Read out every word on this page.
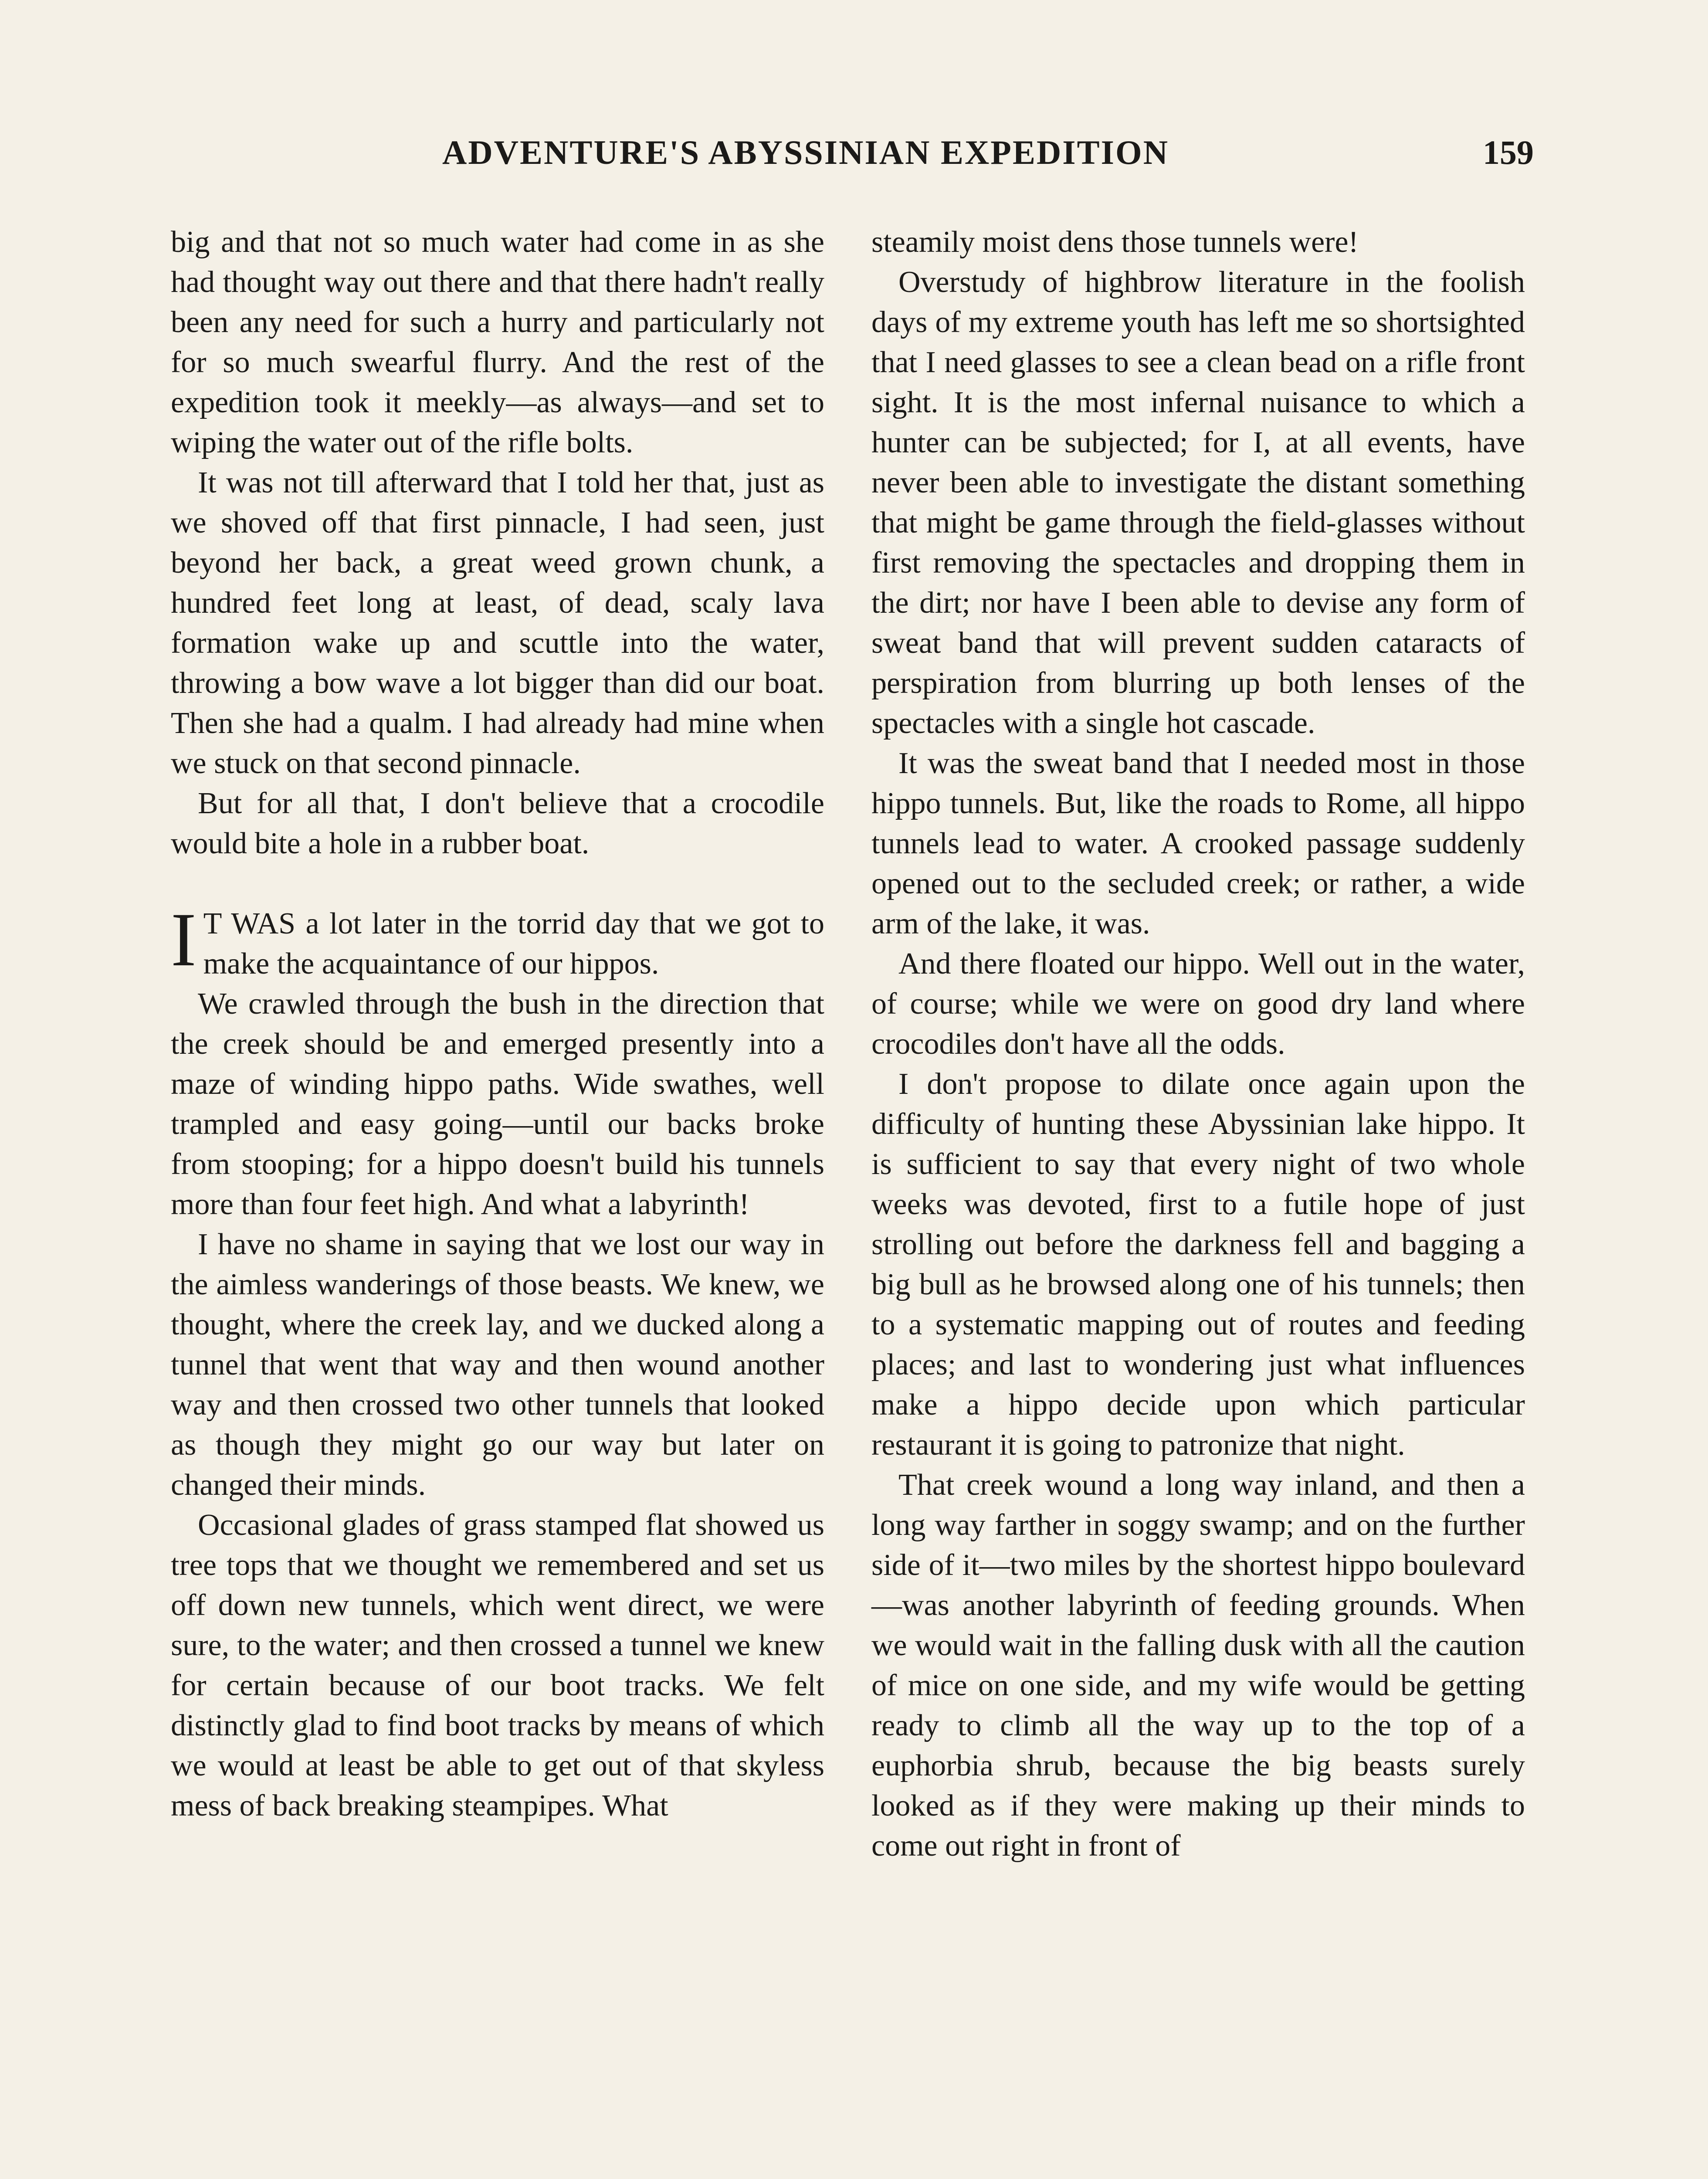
ADVENTURE'S ABYSSINIAN EXPEDITION	159

big and that not so much water had come in as she had thought way out there and that there hadn't really been any need for such a hurry and particularly not for so much swearful flurry. And the rest of the expedition took it meekly—as always—and set to wiping the water out of the rifle bolts.

It was not till afterward that I told her that, just as we shoved off that first pinnacle, I had seen, just beyond her back, a great weed grown chunk, a hundred feet long at least, of dead, scaly lava formation wake up and scuttle into the water, throwing a bow wave a lot bigger than did our boat. Then she had a qualm. I had already had mine when we stuck on that second pinnacle.

But for all that, I don't believe that a crocodile would bite a hole in a rubber boat.

I T WAS a lot later in the torrid day that we got to make the acquaintance of our hippos.

We crawled through the bush in the direction that the creek should be and emerged presently into a maze of winding hippo paths. Wide swathes, well trampled and easy going—until our backs broke from stooping; for a hippo doesn't build his tunnels more than four feet high. And what a labyrinth!

I have no shame in saying that we lost our way in the aimless wanderings of those beasts. We knew, we thought, where the creek lay, and we ducked along a tunnel that went that way and then wound another way and then crossed two other tunnels that looked as though they might go our way but later on changed their minds.

Occasional glades of grass stamped flat showed us tree tops that we thought we remembered and set us off down new tunnels, which went direct, we were sure, to the water; and then crossed a tunnel we knew for certain because of our boot tracks. We felt distinctly glad to find boot tracks by means of which we would at least be able to get out of that skyless mess of back breaking steampipes. What

steamily moist dens those tunnels were!

Overstudy of highbrow literature in the foolish days of my extreme youth has left me so shortsighted that I need glasses to see a clean bead on a rifle front sight. It is the most infernal nuisance to which a hunter can be subjected; for I, at all events, have never been able to investigate the distant something that might be game through the field-glasses without first removing the spectacles and dropping them in the dirt; nor have I been able to devise any form of sweat band that will prevent sudden cataracts of perspiration from blurring up both lenses of the spectacles with a single hot cascade.

It was the sweat band that I needed most in those hippo tunnels. But, like the roads to Rome, all hippo tunnels lead to water. A crooked passage suddenly opened out to the secluded creek; or rather, a wide arm of the lake, it was.

And there floated our hippo. Well out in the water, of course; while we were on good dry land where crocodiles don't have all the odds.

I don't propose to dilate once again upon the difficulty of hunting these Abyssinian lake hippo. It is sufficient to say that every night of two whole weeks was devoted, first to a futile hope of just strolling out before the darkness fell and bagging a big bull as he browsed along one of his tunnels; then to a systematic mapping out of routes and feeding places; and last to wondering just what influences make a hippo decide upon which particular restaurant it is going to patronize that night.

That creek wound a long way inland, and then a long way farther in soggy swamp; and on the further side of it—two miles by the shortest hippo boulevard —was another labyrinth of feeding grounds. When we would wait in the falling dusk with all the caution of mice on one side, and my wife would be getting ready to climb all the way up to the top of a euphorbia shrub, because the big beasts surely looked as if they were making up their minds to come out right in front of
